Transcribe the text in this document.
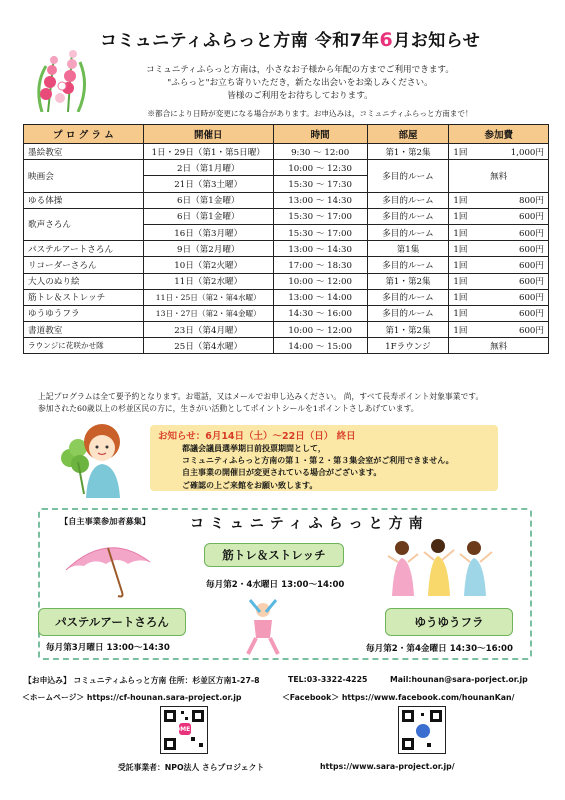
コミュニティふらっと方南 令和7年6月お知らせ
コミュニティふらっと方南は，小さなお子様から年配の方までご利用できます。
"ふらっと"お立ち寄りいただき，新たな出会いをお楽しみください。
皆様のご利用をお待ちしております。
※都合により日時が変更になる場合があります。お申込みは，コミュニティふらっと方南まで！
プ ロ グ ラ ム	開催日	時間	部屋	参加費
墨絵教室	1日・29日（第1・第5日曜）	9:30 ～ 12:00	第1・第2集	1回 1,000円

映画会	2日（第1月曜）	10:00 ～ 12:30	多目的ルーム	無料
	21日（第3土曜）	15:30 ～ 17:30		
ゆる体操	6日（第1金曜）	13:00 ～ 14:30	多目的ルーム	1回 800円

歌声さろん	6日（第1金曜）	15:30 ～ 17:00	多目的ルーム	1回 600円

	16日（第3月曜）	15:30 ～ 17:00	多目的ルーム	1回 600円

パステルアートさろん	9日（第2月曜）	13:00 ～ 14:30	第1集	1回 600円

リコーダーさろん	10日（第2火曜）	17:00 ～ 18:30	多目的ルーム	1回 600円

大人のぬり絵	11日（第2水曜）	10:00 ～ 12:00	第1・第2集	1回 600円

筋トレ＆ストレッチ	11日・25日（第2・第4水曜）	13:00 ～ 14:00	多目的ルーム	1回 600円

ゆうゆうフラ	13日・27日（第2・第4金曜）	14:30 ～ 16:00	多目的ルーム	1回 600円

書道教室	23日（第4月曜）	10:00 ～ 12:00	第1・第2集	1回 600円

ラウンジに花咲かせ隊	25日（第4水曜）	14:00 ～ 15:00	1Fラウンジ	無料
上記プログラムは全て要予約となります。お電話，又はメールでお申し込みください。 尚，すべて長寿ポイント対象事業です。
参加された60歳以上の杉並区民の方に，生きがい活動としてポイントシールを1ポイントさしあげています。
お知らせ：6月14日（土）～22日（日） 終日
都議会議員選挙期日前投票期間として，
コミュニティふらっと方南の第１・第２・第３集会室がご利用できません。
自主事業の開催日が変更されている場合がございます。
ご確認の上ご来館をお願い致します。
【自主事業参加者募集】	コミュニティふらっと方南
筋トレ＆ストレッチ
毎月第2・4水曜日 13:00～14:00
パステルアートさろん
毎月第3月曜日 13:00～14:30
ゆうゆうフラ
毎月第2・第4金曜日 14:30～16:00
【お申込み】 コミュニティふらっと方南 住所：杉並区方南1-27-8	TEL:03-3322-4225	Mail:hounan@sara-porject.or.jp
＜ホームページ＞ https://cf-hounan.sara-project.or.jp	＜Facebook＞ https://www.facebook.com/hounanKan/
HOME
受託事業者：NPO法人 さらプロジェクト	https://www.sara-project.or.jp/
